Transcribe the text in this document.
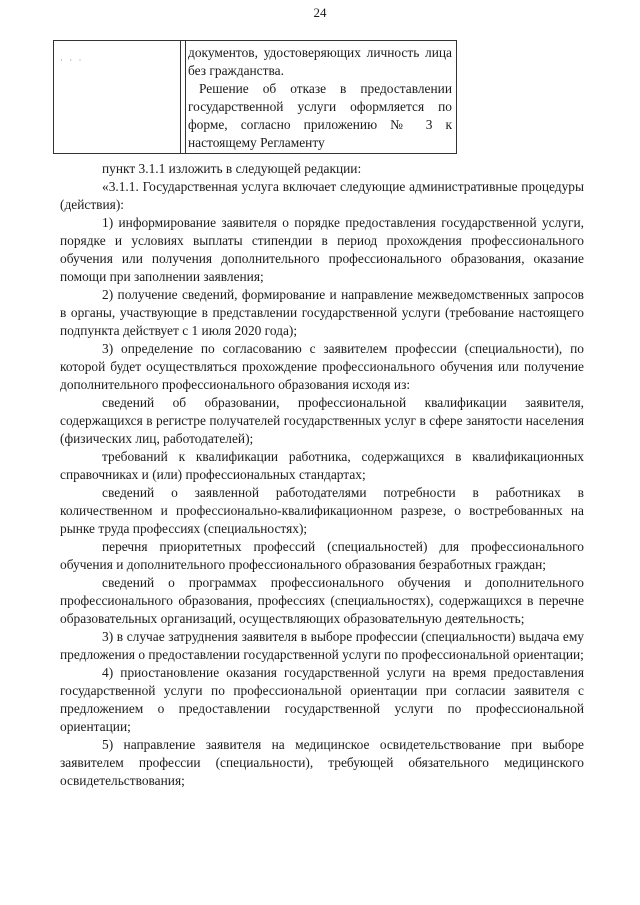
24
· · ·	документов, удостоверяющих личность лица без гражданства.

Решение об отказе в предоставлении государственной услуги оформляется по форме, согласно приложению № 3 к настоящему Регламенту

пункт 3.1.1 изложить в следующей редакции:

«3.1.1. Государственная услуга включает следующие административные процедуры (действия):

1) информирование заявителя о порядке предоставления государственной услуги, порядке и условиях выплаты стипендии в период прохождения профессионального обучения или получения дополнительного профессионального образования, оказание помощи при заполнении заявления;

2) получение сведений, формирование и направление межведомственных запросов в органы, участвующие в представлении государственной услуги (требование настоящего подпункта действует с 1 июля 2020 года);

3) определение по согласованию с заявителем профессии (специальности), по которой будет осуществляться прохождение профессионального обучения или получение дополнительного профессионального образования исходя из:

сведений об образовании, профессиональной квалификации заявителя, содержащихся в регистре получателей государственных услуг в сфере занятости населения (физических лиц, работодателей);

требований к квалификации работника, содержащихся в квалификационных справочниках и (или) профессиональных стандартах;

сведений о заявленной работодателями потребности в работниках в количественном и профессионально-квалификационном разрезе, о востребованных на рынке труда профессиях (специальностях);

перечня приоритетных профессий (специальностей) для профессионального обучения и дополнительного профессионального образования безработных граждан;

сведений о программах профессионального обучения и дополнительного профессионального образования, профессиях (специальностях), содержащихся в перечне образовательных организаций, осуществляющих образовательную деятельность;

3) в случае затруднения заявителя в выборе профессии (специальности) выдача ему предложения о предоставлении государственной услуги по профессиональной ориентации;

4) приостановление оказания государственной услуги на время предоставления государственной услуги по профессиональной ориентации при согласии заявителя с предложением о предоставлении государственной услуги по профессиональной ориентации;

5) направление заявителя на медицинское освидетельствование при выборе заявителем профессии (специальности), требующей обязательного медицинского освидетельствования;
